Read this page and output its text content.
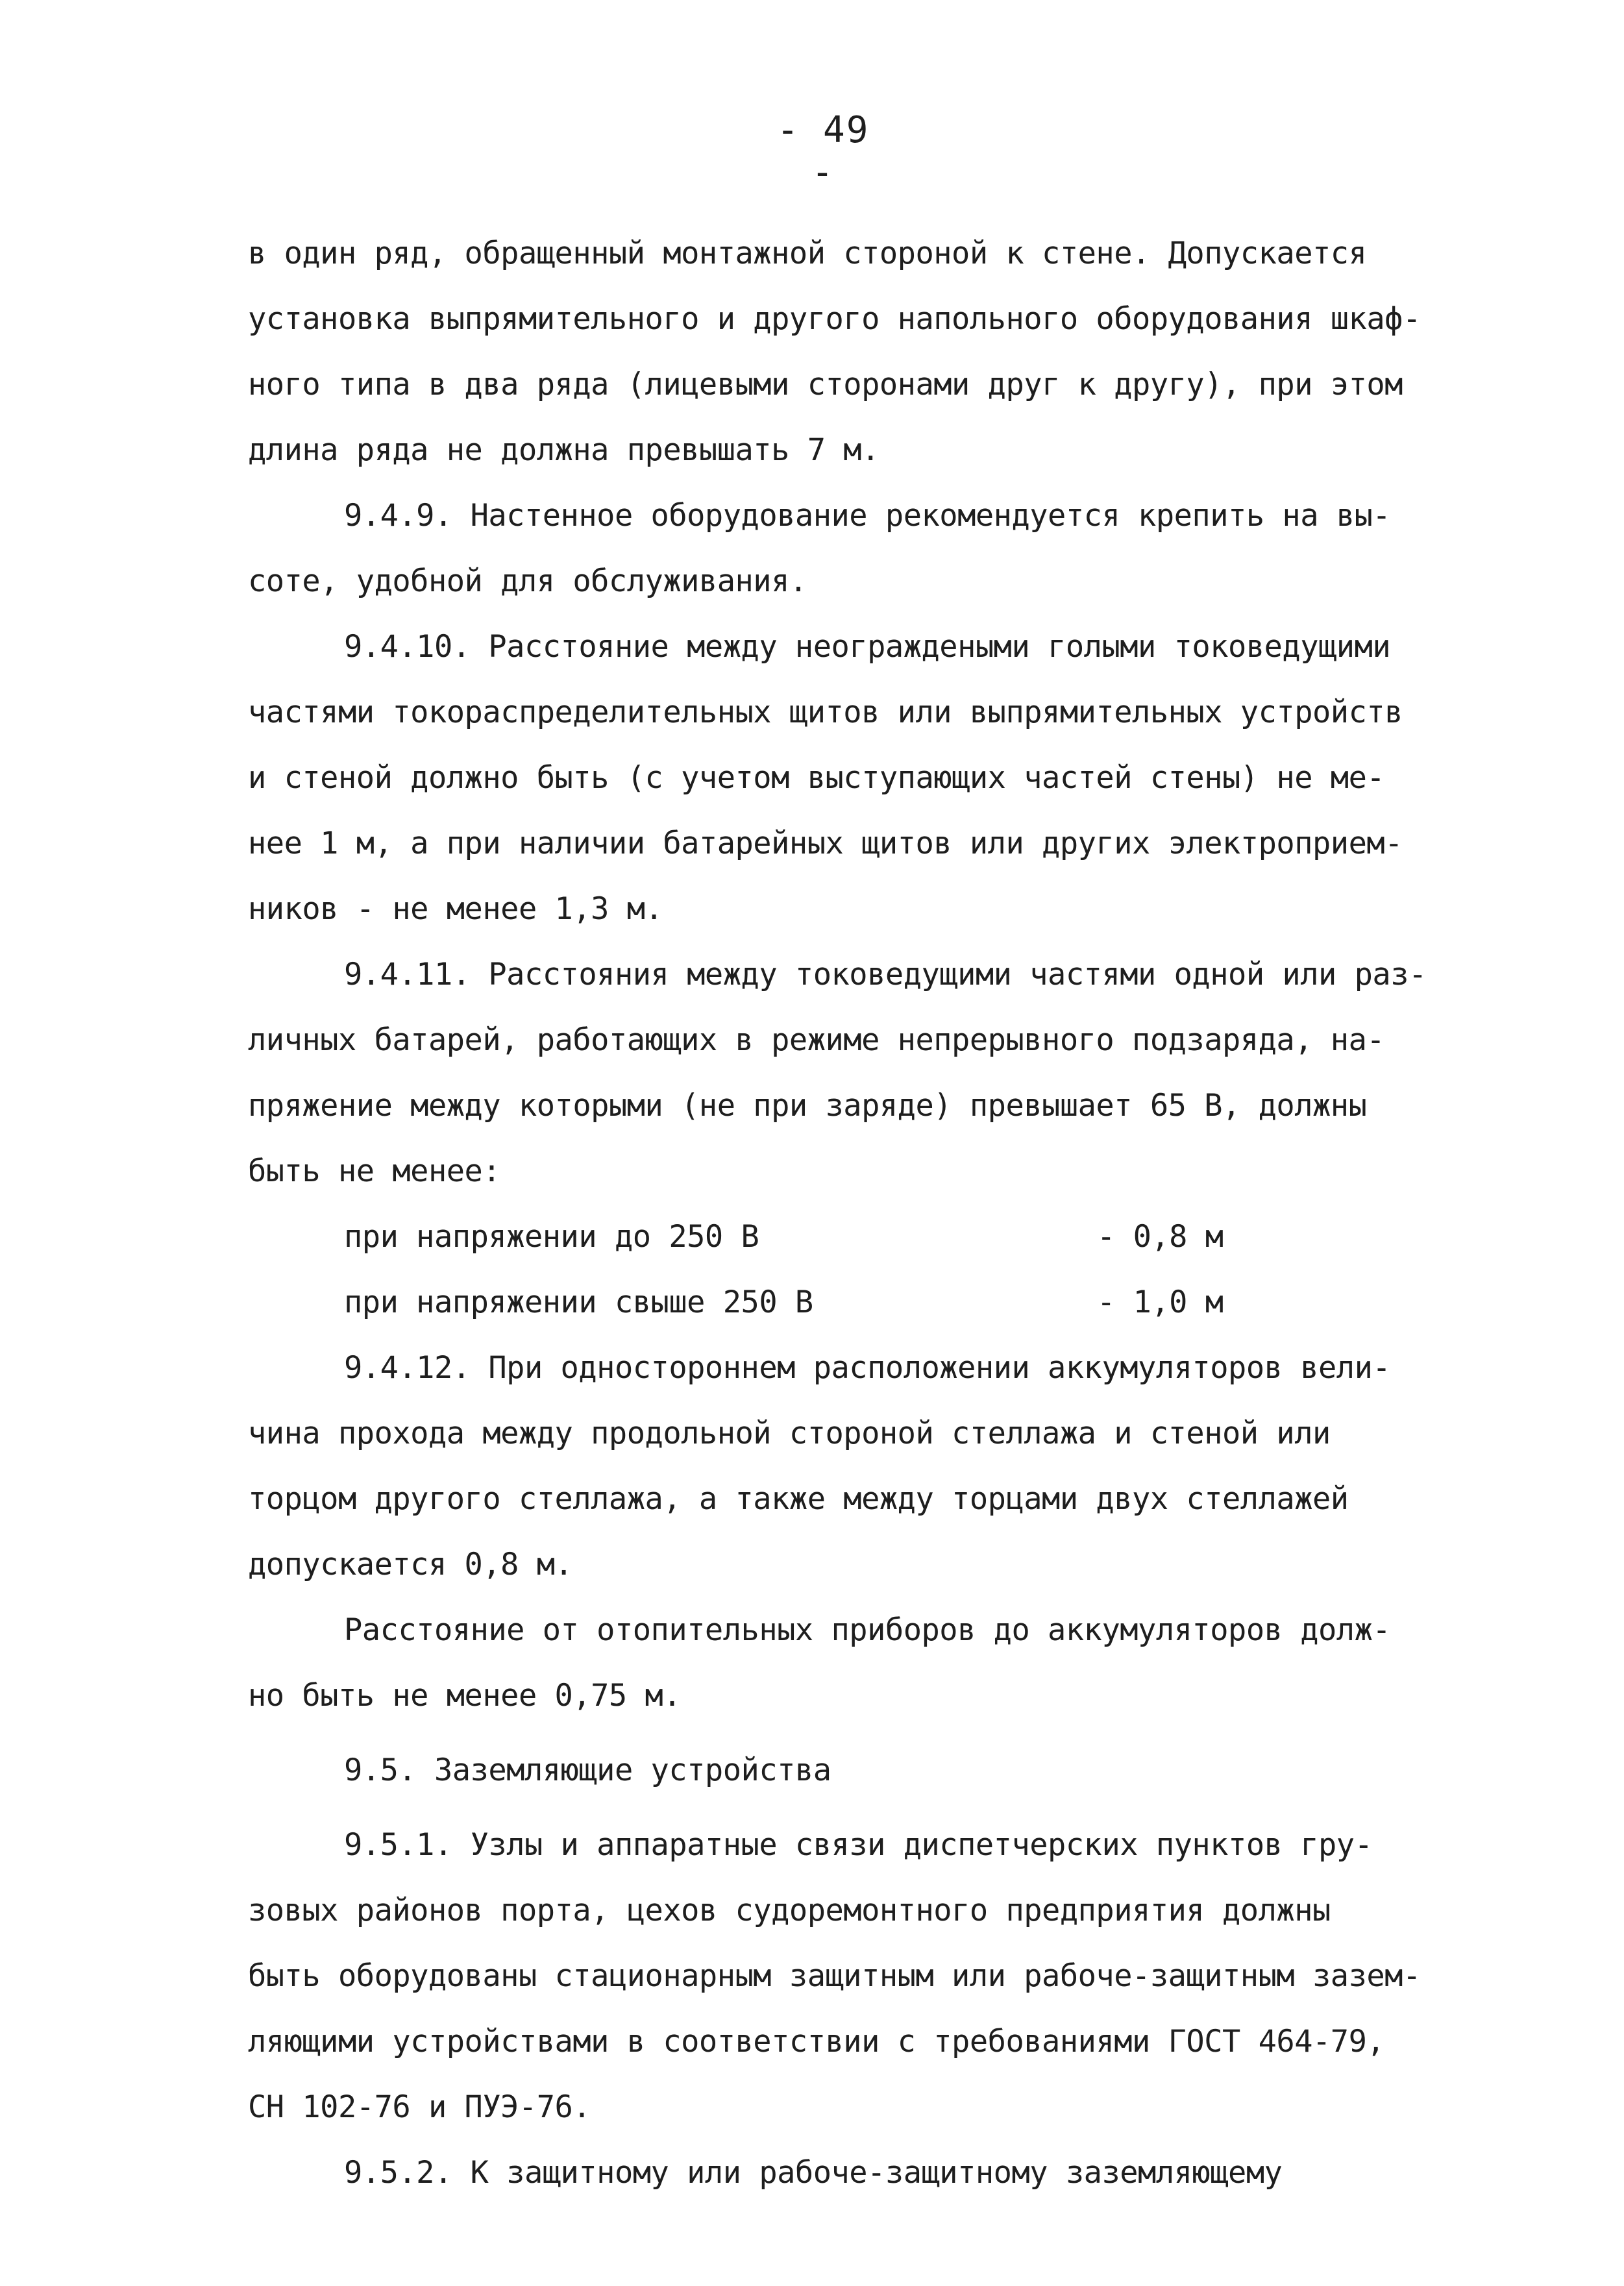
- 49 -
в один ряд, обращенный монтажной стороной к стене. Допускается
установка выпрямительного и другого напольного оборудования шкаф-
ного типа в два ряда (лицевыми сторонами друг к другу), при этом
длина ряда не должна превышать 7 м.
9.4.9. Настенное оборудование рекомендуется крепить на вы-
соте, удобной для обслуживания.
9.4.10. Расстояние между неограждеными голыми токоведущими
частями токораспределительных щитов или выпрямительных устройств
и стеной должно быть (с учетом выступающих частей стены) не ме-
нее 1 м, а при наличии батарейных щитов или других электроприем-
ников - не менее 1,3 м.
9.4.11. Расстояния между токоведущими частями одной или раз-
личных батарей, работающих в режиме непрерывного подзаряда, на-
пряжение между которыми (не при заряде) превышает 65 В, должны
быть не менее:
при напряжении до 250 В	- 0,8 м
при напряжении свыше 250 В	- 1,0 м
9.4.12. При одностороннем расположении аккумуляторов вели-
чина прохода между продольной стороной стеллажа и стеной или
торцом другого стеллажа, а также между торцами двух стеллажей
допускается 0,8 м.
Расстояние от отопительных приборов до аккумуляторов долж-
но быть не менее 0,75 м.
9.5. Заземляющие устройства
9.5.1. Узлы и аппаратные связи диспетчерских пунктов гру-
зовых районов порта, цехов судоремонтного предприятия должны
быть оборудованы стационарным защитным или рабоче-защитным зазем-
ляющими устройствами в соответствии с требованиями ГОСТ 464-79,
СН 102-76 и ПУЭ-76.
9.5.2. К защитному или рабоче-защитному заземляющему
